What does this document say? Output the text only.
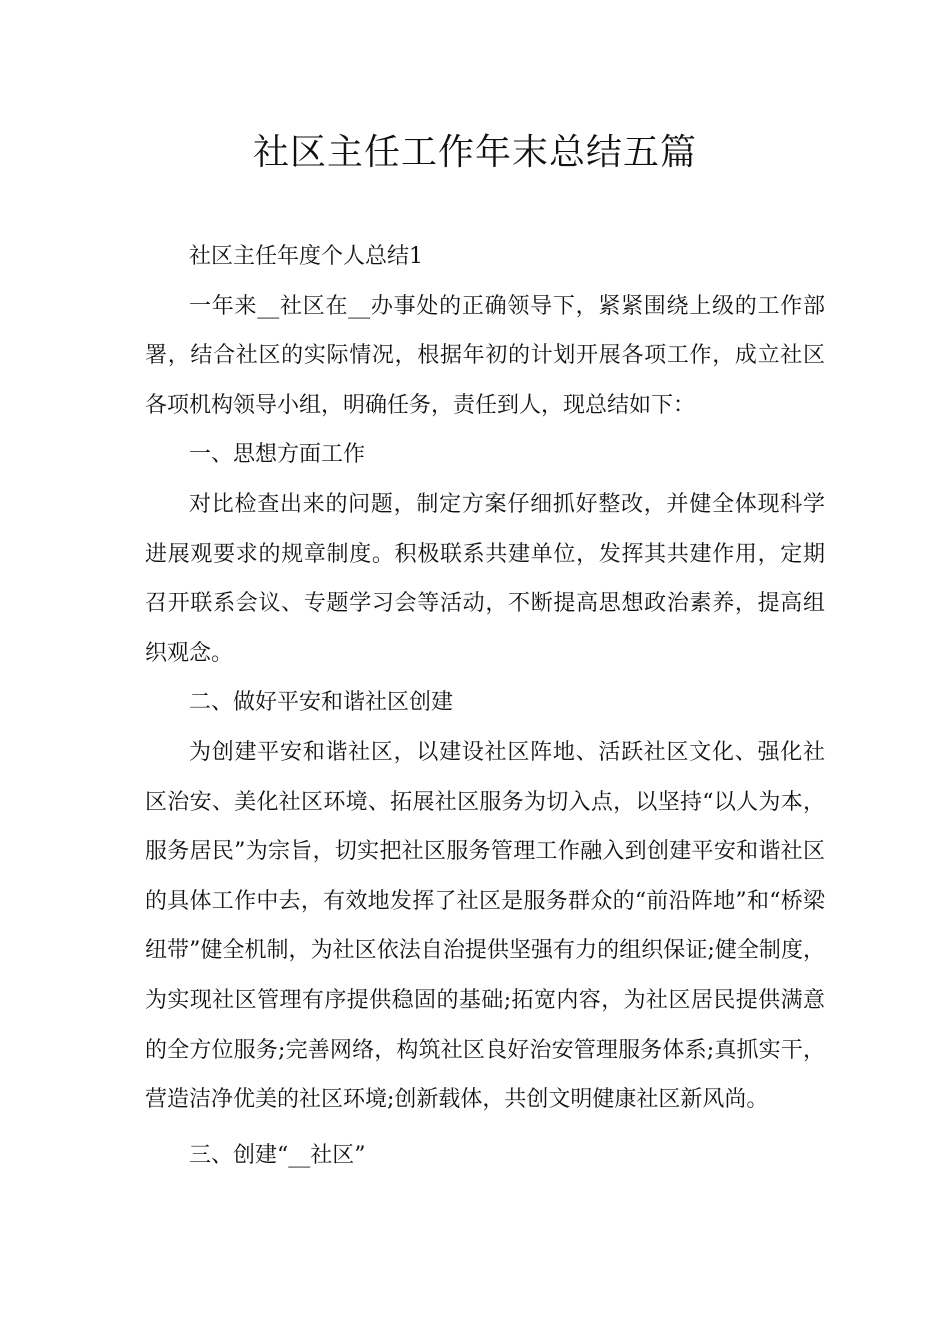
社区主任工作年末总结五篇

社区主任年度个人总结1

一年来__社区在__办事处的正确领导下，紧紧围绕上级的工作部署，结合社区的实际情况，根据年初的计划开展各项工作，成立社区各项机构领导小组，明确任务，责任到人，现总结如下：

一、思想方面工作

对比检查出来的问题，制定方案仔细抓好整改，并健全体现科学进展观要求的规章制度。积极联系共建单位，发挥其共建作用，定期召开联系会议、专题学习会等活动，不断提高思想政治素养，提高组织观念。

二、做好平安和谐社区创建

为创建平安和谐社区，以建设社区阵地、活跃社区文化、强化社区治安、美化社区环境、拓展社区服务为切入点，以坚持“以人为本，服务居民”为宗旨，切实把社区服务管理工作融入到创建平安和谐社区的具体工作中去，有效地发挥了社区是服务群众的“前沿阵地”和“桥梁纽带”健全机制，为社区依法自治提供坚强有力的组织保证;健全制度，为实现社区管理有序提供稳固的基础;拓宽内容，为社区居民提供满意的全方位服务;完善网络，构筑社区良好治安管理服务体系;真抓实干，营造洁净优美的社区环境;创新载体，共创文明健康社区新风尚。

三、创建“__社区”
